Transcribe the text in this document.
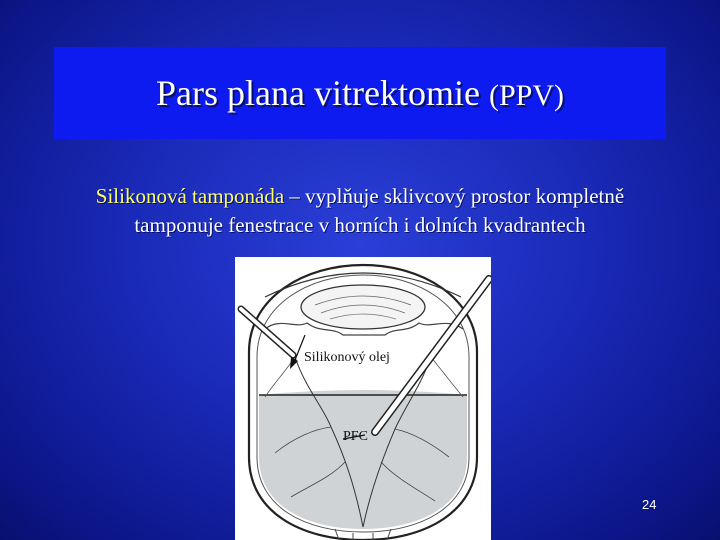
Pars plana vitrektomie (PPV)
Silikonová tamponáda – vyplňuje sklivcový prostor kompletně
tamponuje fenestrace v horních i dolních kvadrantech
Silikonový olej
PFC
24
